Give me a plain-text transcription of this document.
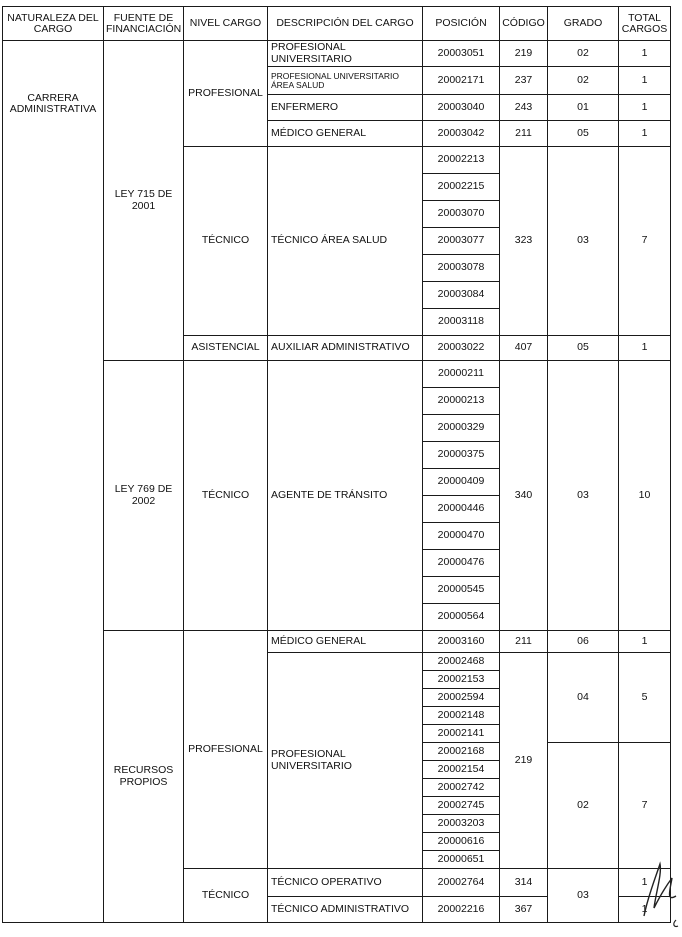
NATURALEZA DEL CARGO	FUENTE DE FINANCIACIÓN	NIVEL CARGO	DESCRIPCIÓN DEL CARGO	POSICIÓN	CÓDIGO	GRADO	TOTAL CARGOS
CARRERA ADMINISTRATIVA	LEY 715 DE 2001	PROFESIONAL	PROFESIONAL UNIVERSITARIO	20003051	219	02	1
			PROFESIONAL UNIVERSITARIO ÁREA SALUD	20002171	237	02	1
			ENFERMERO	20003040	243	01	1
			MÉDICO GENERAL	20003042	211	05	1
		TÉCNICO	TÉCNICO ÁREA SALUD	20002213	323	03	7
				20002215			
				20003070			
				20003077			
				20003078			
				20003084			
				20003118			
		ASISTENCIAL	AUXILIAR ADMINISTRATIVO	20003022	407	05	1
	LEY 769 DE 2002	TÉCNICO	AGENTE DE TRÁNSITO	20000211	340	03	10
				20000213			
				20000329			
				20000375			
				20000409			
				20000446			
				20000470			
				20000476			
				20000545			
				20000564			
	RECURSOS PROPIOS	PROFESIONAL	MÉDICO GENERAL	20003160	211	06	1
			PROFESIONAL UNIVERSITARIO	20002468	219	04	5
				20002153			
				20002594			
				20002148			
				20002141			
				20002168		02	7
				20002154			
				20002742			
				20002745			
				20003203			
				20000616			
				20000651			
		TÉCNICO	TÉCNICO OPERATIVO	20002764	314	03	1
			TÉCNICO ADMINISTRATIVO	20002216	367		1
